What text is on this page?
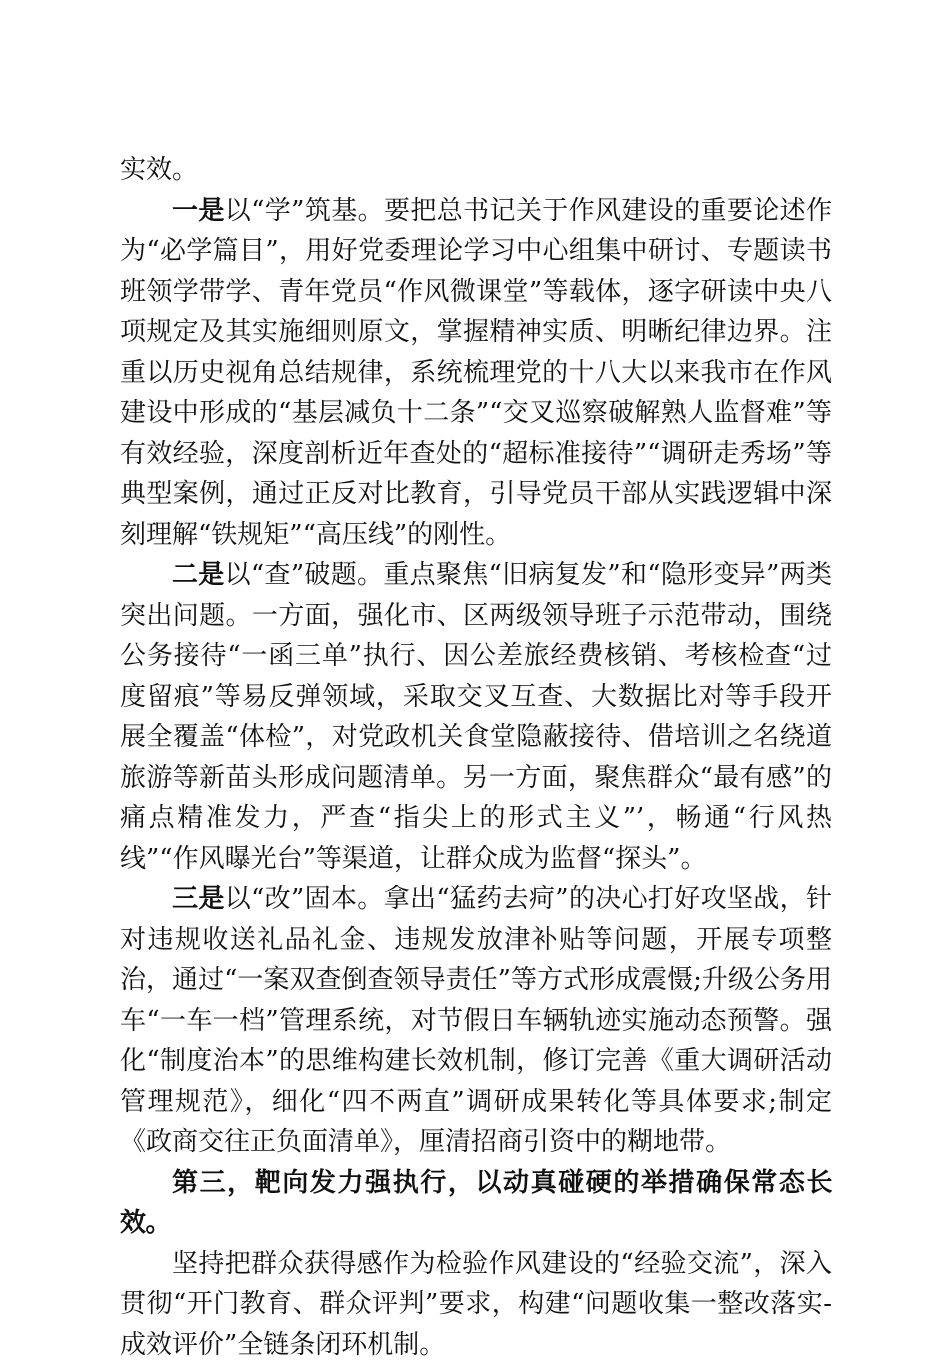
实效。

一是以“学”筑基。要把总书记关于作风建设的重要论述作为“必学篇目”，用好党委理论学习中心组集中研讨、专题读书班领学带学、青年党员“作风微课堂”等载体，逐字研读中央八项规定及其实施细则原文，掌握精神实质、明晰纪律边界。注重以历史视角总结规律，系统梳理党的十八大以来我市在作风建设中形成的“基层减负十二条”“交叉巡察破解熟人监督难”等有效经验，深度剖析近年查处的“超标准接待”“调研走秀场”等典型案例，通过正反对比教育，引导党员干部从实践逻辑中深刻理解“铁规矩”“高压线”的刚性。

二是以“查”破题。重点聚焦“旧病复发”和“隐形变异”两类突出问题。一方面，强化市、区两级领导班子示范带动，围绕公务接待“一函三单”执行、因公差旅经费核销、考核检查“过度留痕”等易反弹领域，采取交叉互查、大数据比对等手段开展全覆盖“体检”，对党政机关食堂隐蔽接待、借培训之名绕道旅游等新苗头形成问题清单。另一方面，聚焦群众“最有感”的痛点精准发力，严查“指尖上的形式主义”’，畅通“行风热线”“作风曝光台”等渠道，让群众成为监督“探头”。

三是以“改”固本。拿出“猛药去疴”的决心打好攻坚战，针对违规收送礼品礼金、违规发放津补贴等问题，开展专项整治，通过“一案双查倒查领导责任”等方式形成震慑;升级公务用车“一车一档”管理系统，对节假日车辆轨迹实施动态预警。强化“制度治本”的思维构建长效机制，修订完善《重大调研活动管理规范》，细化“四不两直”调研成果转化等具体要求;制定《政商交往正负面清单》，厘清招商引资中的糊地带。

第三，靶向发力强执行，以动真碰硬的举措确保常态长效。

坚持把群众获得感作为检验作风建设的“经验交流”，深入贯彻“开门教育、群众评判”要求，构建“问题收集一整改落实-成效评价”全链条闭环机制。
